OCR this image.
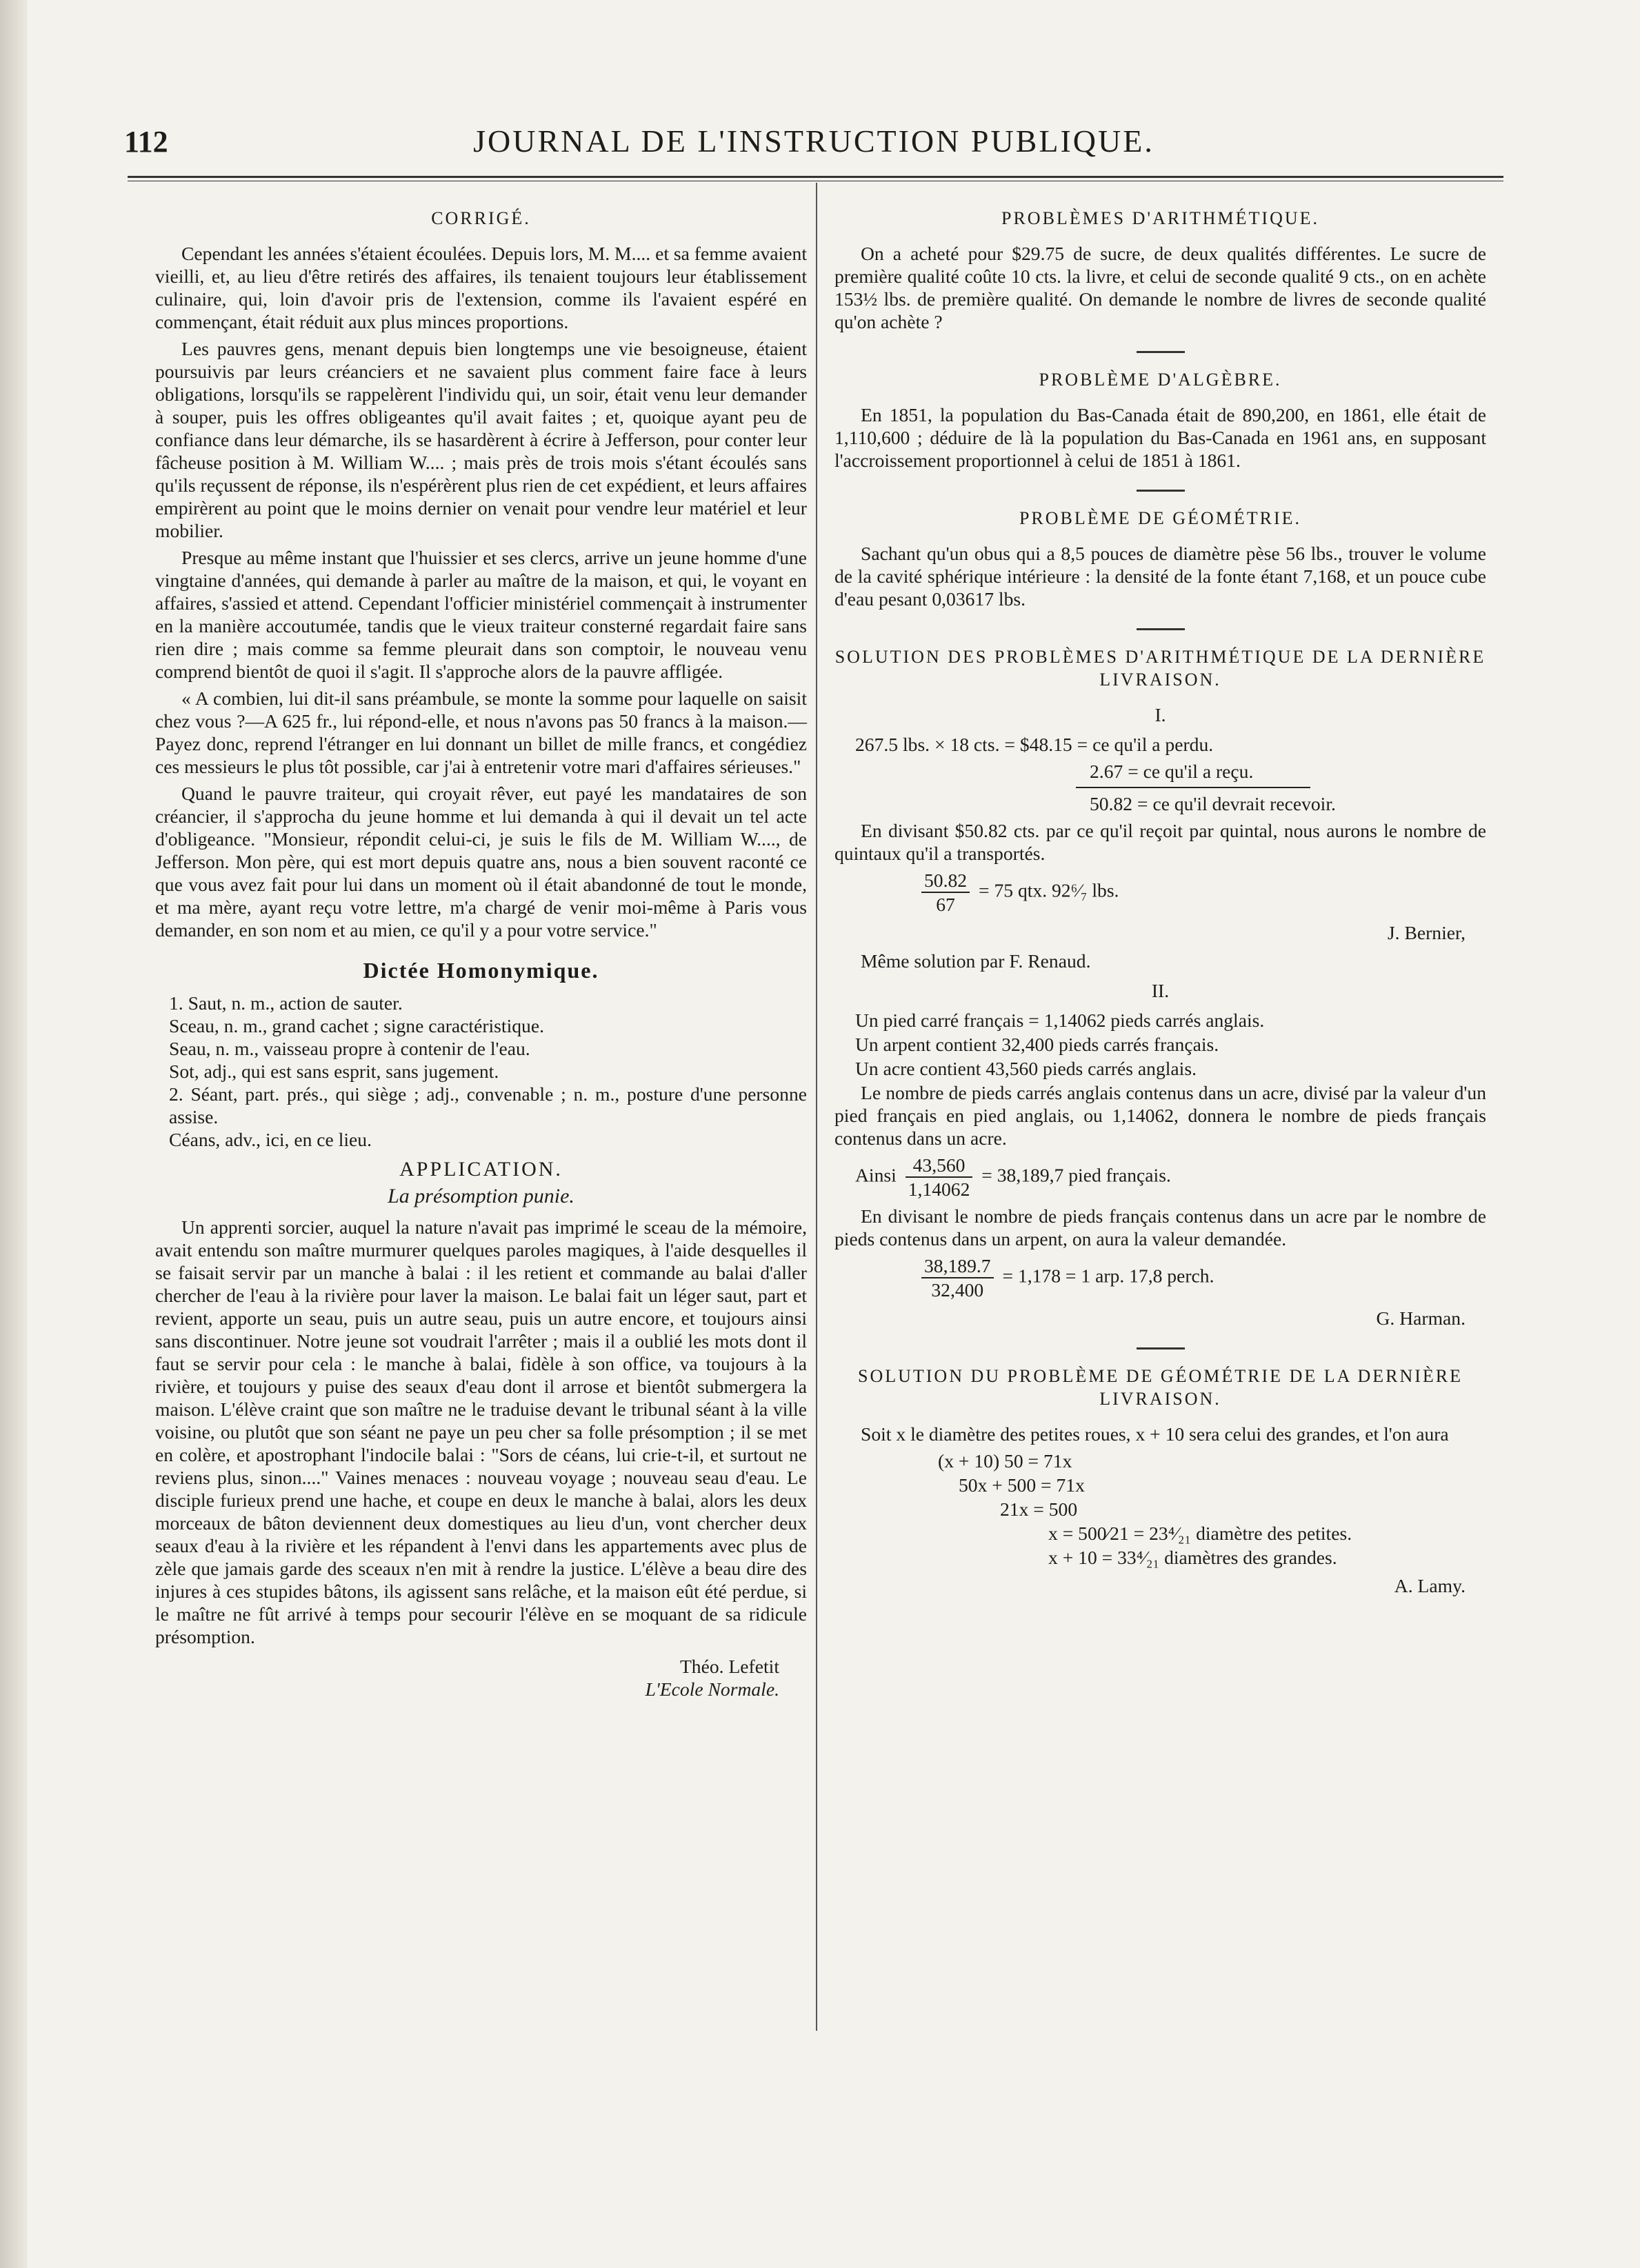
112	JOURNAL DE L'INSTRUCTION PUBLIQUE.
CORRIGÉ.

Cependant les années s'étaient écoulées. Depuis lors, M. M.... et sa femme avaient vieilli, et, au lieu d'être retirés des affaires, ils tenaient toujours leur établissement culinaire, qui, loin d'avoir pris de l'extension, comme ils l'avaient espéré en commençant, était réduit aux plus minces proportions.

Les pauvres gens, menant depuis bien longtemps une vie besoigneuse, étaient poursuivis par leurs créanciers et ne savaient plus comment faire face à leurs obligations, lorsqu'ils se rappelèrent l'individu qui, un soir, était venu leur demander à souper, puis les offres obligeantes qu'il avait faites ; et, quoique ayant peu de confiance dans leur démarche, ils se hasardèrent à écrire à Jefferson, pour conter leur fâcheuse position à M. William W.... ; mais près de trois mois s'étant écoulés sans qu'ils reçussent de réponse, ils n'espérèrent plus rien de cet expédient, et leurs affaires empirèrent au point que le moins dernier on venait pour vendre leur matériel et leur mobilier.

Presque au même instant que l'huissier et ses clercs, arrive un jeune homme d'une vingtaine d'années, qui demande à parler au maître de la maison, et qui, le voyant en affaires, s'assied et attend. Cependant l'officier ministériel commençait à instrumenter en la manière accoutumée, tandis que le vieux traiteur consterné regardait faire sans rien dire ; mais comme sa femme pleurait dans son comptoir, le nouveau venu comprend bientôt de quoi il s'agit. Il s'approche alors de la pauvre affligée.

« A combien, lui dit-il sans préambule, se monte la somme pour laquelle on saisit chez vous ?—A 625 fr., lui répond-elle, et nous n'avons pas 50 francs à la maison.—Payez donc, reprend l'étranger en lui donnant un billet de mille francs, et congédiez ces messieurs le plus tôt possible, car j'ai à entretenir votre mari d'affaires sérieuses."

Quand le pauvre traiteur, qui croyait rêver, eut payé les mandataires de son créancier, il s'approcha du jeune homme et lui demanda à qui il devait un tel acte d'obligeance. "Monsieur, répondit celui-ci, je suis le fils de M. William W...., de Jefferson. Mon père, qui est mort depuis quatre ans, nous a bien souvent raconté ce que vous avez fait pour lui dans un moment où il était abandonné de tout le monde, et ma mère, ayant reçu votre lettre, m'a chargé de venir moi-même à Paris vous demander, en son nom et au mien, ce qu'il y a pour votre service."

Dictée Homonymique.

1. Saut, n. m., action de sauter.

Sceau, n. m., grand cachet ; signe caractéristique.

Seau, n. m., vaisseau propre à contenir de l'eau.

Sot, adj., qui est sans esprit, sans jugement.

2. Séant, part. prés., qui siège ; adj., convenable ; n. m., posture d'une personne assise.

Céans, adv., ici, en ce lieu.

APPLICATION.
La présomption punie.

Un apprenti sorcier, auquel la nature n'avait pas imprimé le sceau de la mémoire, avait entendu son maître murmurer quelques paroles magiques, à l'aide desquelles il se faisait servir par un manche à balai : il les retient et commande au balai d'aller chercher de l'eau à la rivière pour laver la maison. Le balai fait un léger saut, part et revient, apporte un seau, puis un autre seau, puis un autre encore, et toujours ainsi sans discontinuer. Notre jeune sot voudrait l'arrêter ; mais il a oublié les mots dont il faut se servir pour cela : le manche à balai, fidèle à son office, va toujours à la rivière, et toujours y puise des seaux d'eau dont il arrose et bientôt submergera la maison. L'élève craint que son maître ne le traduise devant le tribunal séant à la ville voisine, ou plutôt que son séant ne paye un peu cher sa folle présomption ; il se met en colère, et apostrophant l'indocile balai : "Sors de céans, lui crie-t-il, et surtout ne reviens plus, sinon...." Vaines menaces : nouveau voyage ; nouveau seau d'eau. Le disciple furieux prend une hache, et coupe en deux le manche à balai, alors les deux morceaux de bâton deviennent deux domestiques au lieu d'un, vont chercher deux seaux d'eau à la rivière et les répandent à l'envi dans les appartements avec plus de zèle que jamais garde des sceaux n'en mit à rendre la justice. L'élève a beau dire des injures à ces stupides bâtons, ils agissent sans relâche, et la maison eût été perdue, si le maître ne fût arrivé à temps pour secourir l'élève en se moquant de sa ridicule présomption.

Théo. Lefetit
L'Ecole Normale.
PROBLÈMES D'ARITHMÉTIQUE.

On a acheté pour $29.75 de sucre, de deux qualités différentes. Le sucre de première qualité coûte 10 cts. la livre, et celui de seconde qualité 9 cts., on en achète 153½ lbs. de première qualité. On demande le nombre de livres de seconde qualité qu'on achète ?

PROBLÈME D'ALGÈBRE.

En 1851, la population du Bas-Canada était de 890,200, en 1861, elle était de 1,110,600 ; déduire de là la population du Bas-Canada en 1961 ans, en supposant l'accroissement proportionnel à celui de 1851 à 1861.

PROBLÈME DE GÉOMÉTRIE.

Sachant qu'un obus qui a 8,5 pouces de diamètre pèse 56 lbs., trouver le volume de la cavité sphérique intérieure : la densité de la fonte étant 7,168, et un pouce cube d'eau pesant 0,03617 lbs.

SOLUTION DES PROBLÈMES D'ARITHMÉTIQUE DE LA DERNIÈRE LIVRAISON.
I.

267.5 lbs. × 18 cts. = $48.15 = ce qu'il a perdu.

2.67 = ce qu'il a reçu.

50.82 = ce qu'il devrait recevoir.

En divisant $50.82 cts. par ce qu'il reçoit par quintal, nous aurons le nombre de quintaux qu'il a transportés.

$\frac{50.82}{67} = 75$ qtx. 92⁶⁄₇ lbs.

J. Bernier,

Même solution par F. Renaud.

II.

Un pied carré français = 1,14062 pieds carrés anglais.

Un arpent contient 32,400 pieds carrés français.

Un acre contient 43,560 pieds carrés anglais.

Le nombre de pieds carrés anglais contenus dans un acre, divisé par la valeur d'un pied français en pied anglais, ou 1,14062, donnera le nombre de pieds français contenus dans un acre.

Ainsi $\frac{43,560}{1,14062} = 38,189,7$ pied français.

En divisant le nombre de pieds français contenus dans un acre par le nombre de pieds contenus dans un arpent, on aura la valeur demandée.

$\frac{38,189.7}{32,400} = 1,178 = 1$ arp. 17,8 perch.

G. Harman.
SOLUTION DU PROBLÈME DE GÉOMÉTRIE DE LA DERNIÈRE LIVRAISON.

Soit x le diamètre des petites roues, x + 10 sera celui des grandes, et l'on aura

(x + 10) 50 = 71x

50x + 500 = 71x

21x = 500

x = 500⁄21 = 23⁴⁄₂₁ diamètre des petites.

x + 10 = 33⁴⁄₂₁ diamètres des grandes.

A. Lamy.
